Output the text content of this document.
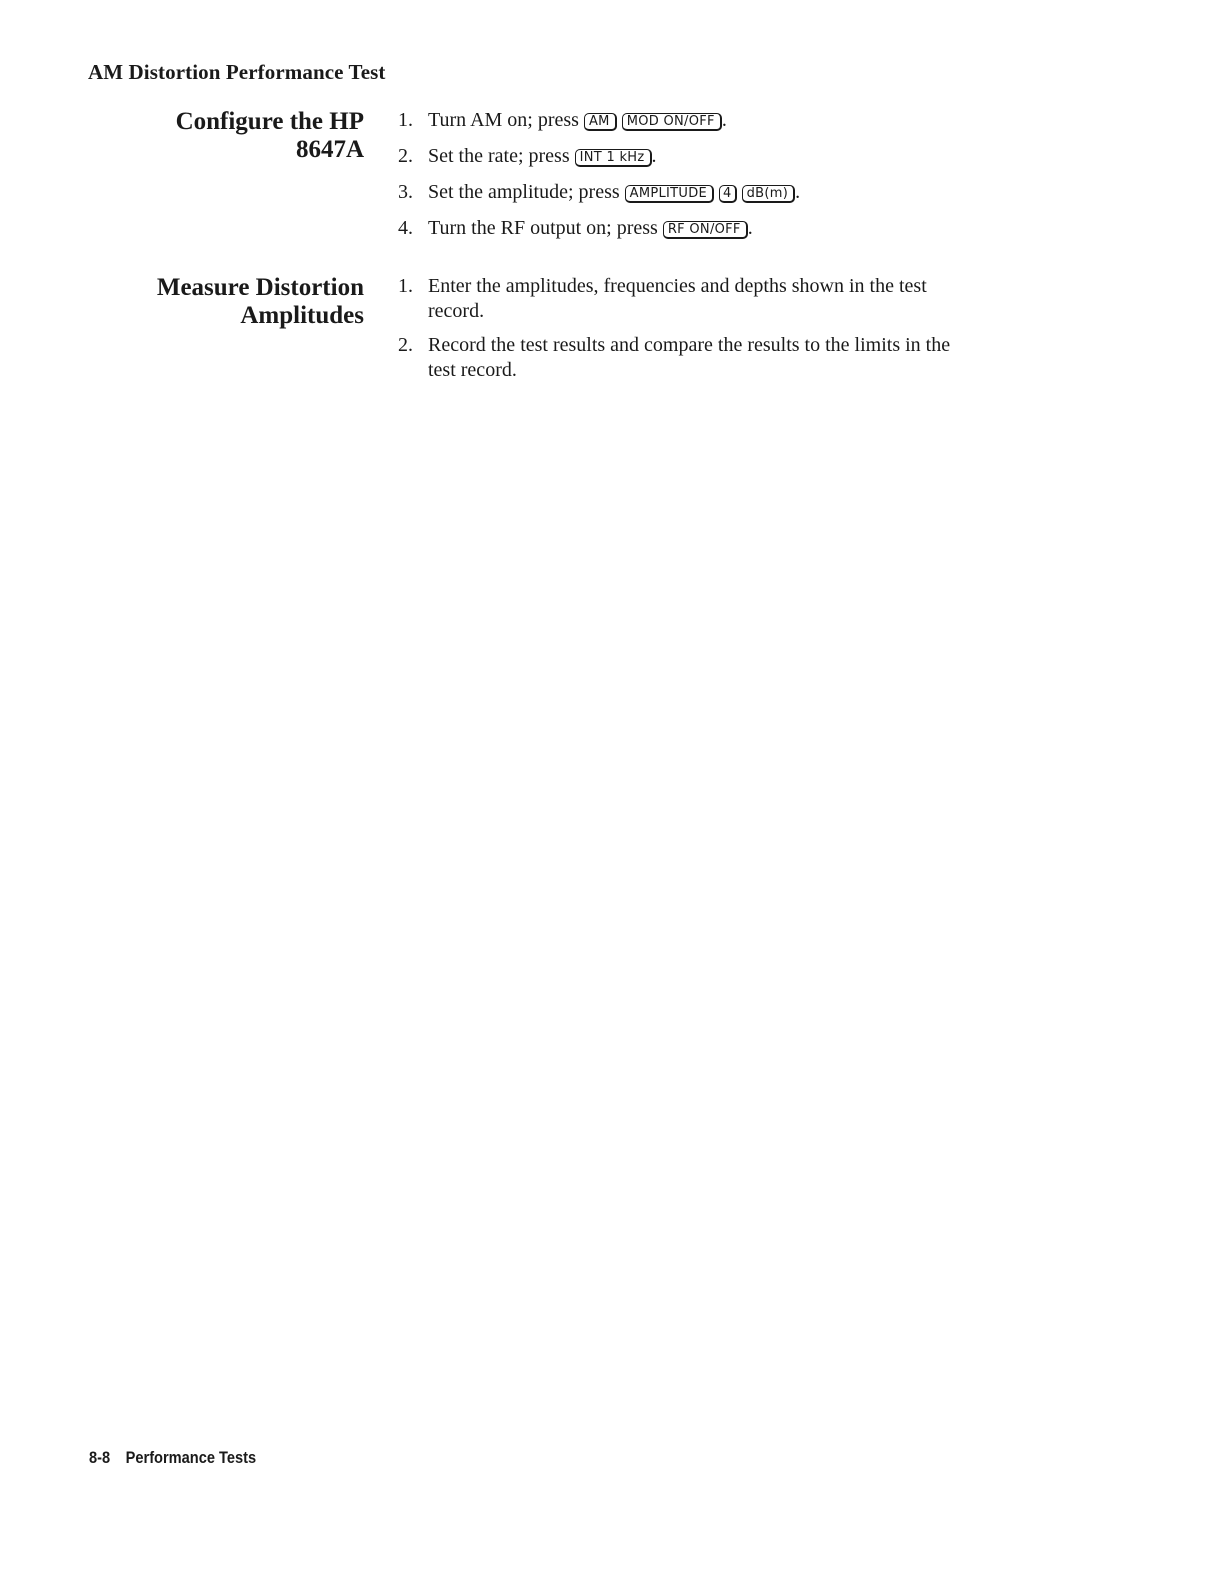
AM Distortion Performance Test
Configure the HP
8647A
1. Turn AM on; press AM MOD ON/OFF .
2. Set the rate; press INT 1 kHz .
3. Set the amplitude; press AMPLITUDE 4 dB(m) .
4. Turn the RF output on; press RF ON/OFF .
Measure Distortion
Amplitudes
1. Enter the amplitudes, frequencies and depths shown in the test
record.
2. Record the test results and compare the results to the limits in the
test record.
8-8 Performance Tests
